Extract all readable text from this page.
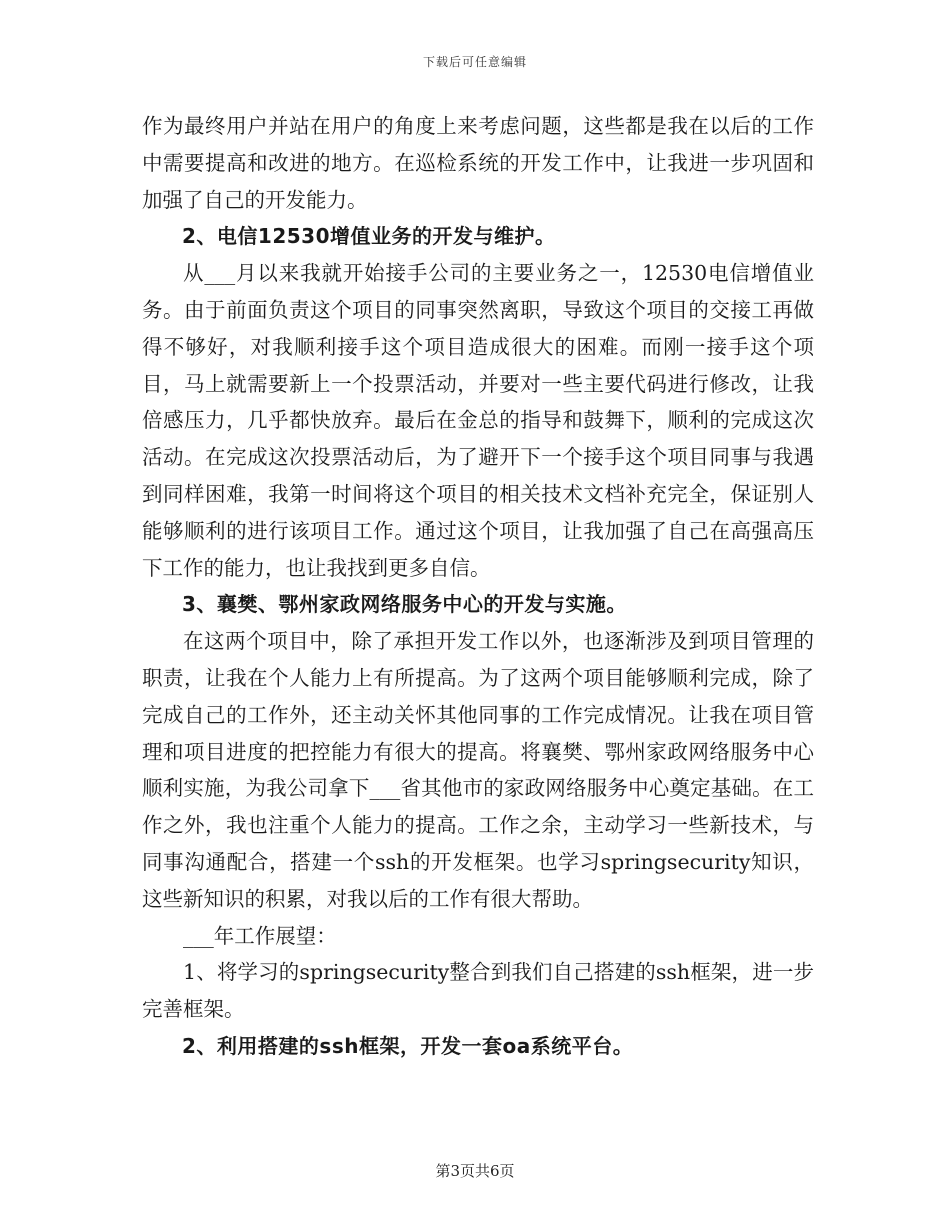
下载后可任意编辑

作为最终用户并站在用户的角度上来考虑问题，这些都是我在以后的工作中需要提高和改进的地方。在巡检系统的开发工作中，让我进一步巩固和加强了自己的开发能力。

2、电信12530增值业务的开发与维护。

从___月以来我就开始接手公司的主要业务之一，12530电信增值业务。由于前面负责这个项目的同事突然离职，导致这个项目的交接工再做得不够好，对我顺利接手这个项目造成很大的困难。而刚一接手这个项目，马上就需要新上一个投票活动，并要对一些主要代码进行修改，让我倍感压力，几乎都快放弃。最后在金总的指导和鼓舞下，顺利的完成这次活动。在完成这次投票活动后，为了避开下一个接手这个项目同事与我遇到同样困难，我第一时间将这个项目的相关技术文档补充完全，保证别人能够顺利的进行该项目工作。通过这个项目，让我加强了自己在高强高压下工作的能力，也让我找到更多自信。

3、襄樊、鄂州家政网络服务中心的开发与实施。

在这两个项目中，除了承担开发工作以外，也逐渐涉及到项目管理的职责，让我在个人能力上有所提高。为了这两个项目能够顺利完成，除了完成自己的工作外，还主动关怀其他同事的工作完成情况。让我在项目管理和项目进度的把控能力有很大的提高。将襄樊、鄂州家政网络服务中心顺利实施，为我公司拿下___省其他市的家政网络服务中心奠定基础。在工作之外，我也注重个人能力的提高。工作之余，主动学习一些新技术，与同事沟通配合，搭建一个ssh的开发框架。也学习springsecurity知识，这些新知识的积累，对我以后的工作有很大帮助。

___年工作展望：

1、将学习的springsecurity整合到我们自己搭建的ssh框架，进一步完善框架。

2、利用搭建的ssh框架，开发一套oa系统平台。

第3页共6页
